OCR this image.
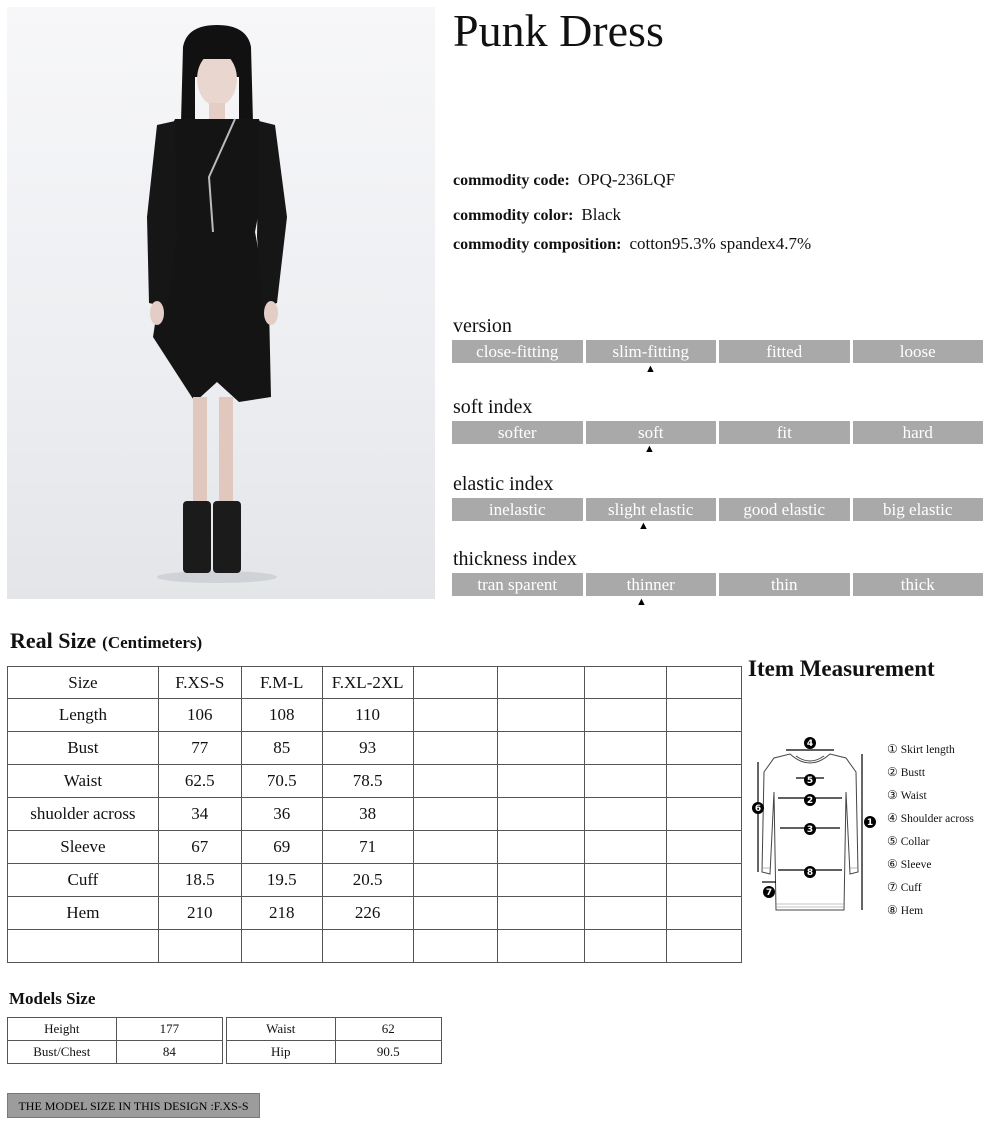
Punk Dress
commodity code: OPQ-236LQF
commodity color: Black
commodity composition: cotton95.3% spandex4.7%
version
close-fitting	slim-fitting	fitted	loose
▲
soft index
softer	soft	fit	hard
▲
elastic index
inelastic	slight elastic	good elastic	big elastic
▲
thickness index
tran sparent	thinner	thin	thick
▲
Real Size (Centimeters)
Size	F.XS-S	F.M-L	F.XL-2XL				
Length	106	108	110				
Bust	77	85	93				
Waist	62.5	70.5	78.5				
shuolder across	34	36	38				
Sleeve	67	69	71				
Cuff	18.5	19.5	20.5				
Hem	210	218	226				

Item Measurement
4
5
2
3
8
6
1
7
① Skirt length
② Bustt
③ Waist
④ Shoulder across
⑤ Collar
⑥ Sleeve
⑦ Cuff
⑧ Hem
Models Size
Height	177
Bust/Chest	84
Waist	62
Hip	90.5
THE MODEL SIZE IN THIS DESIGN :F.XS-S
